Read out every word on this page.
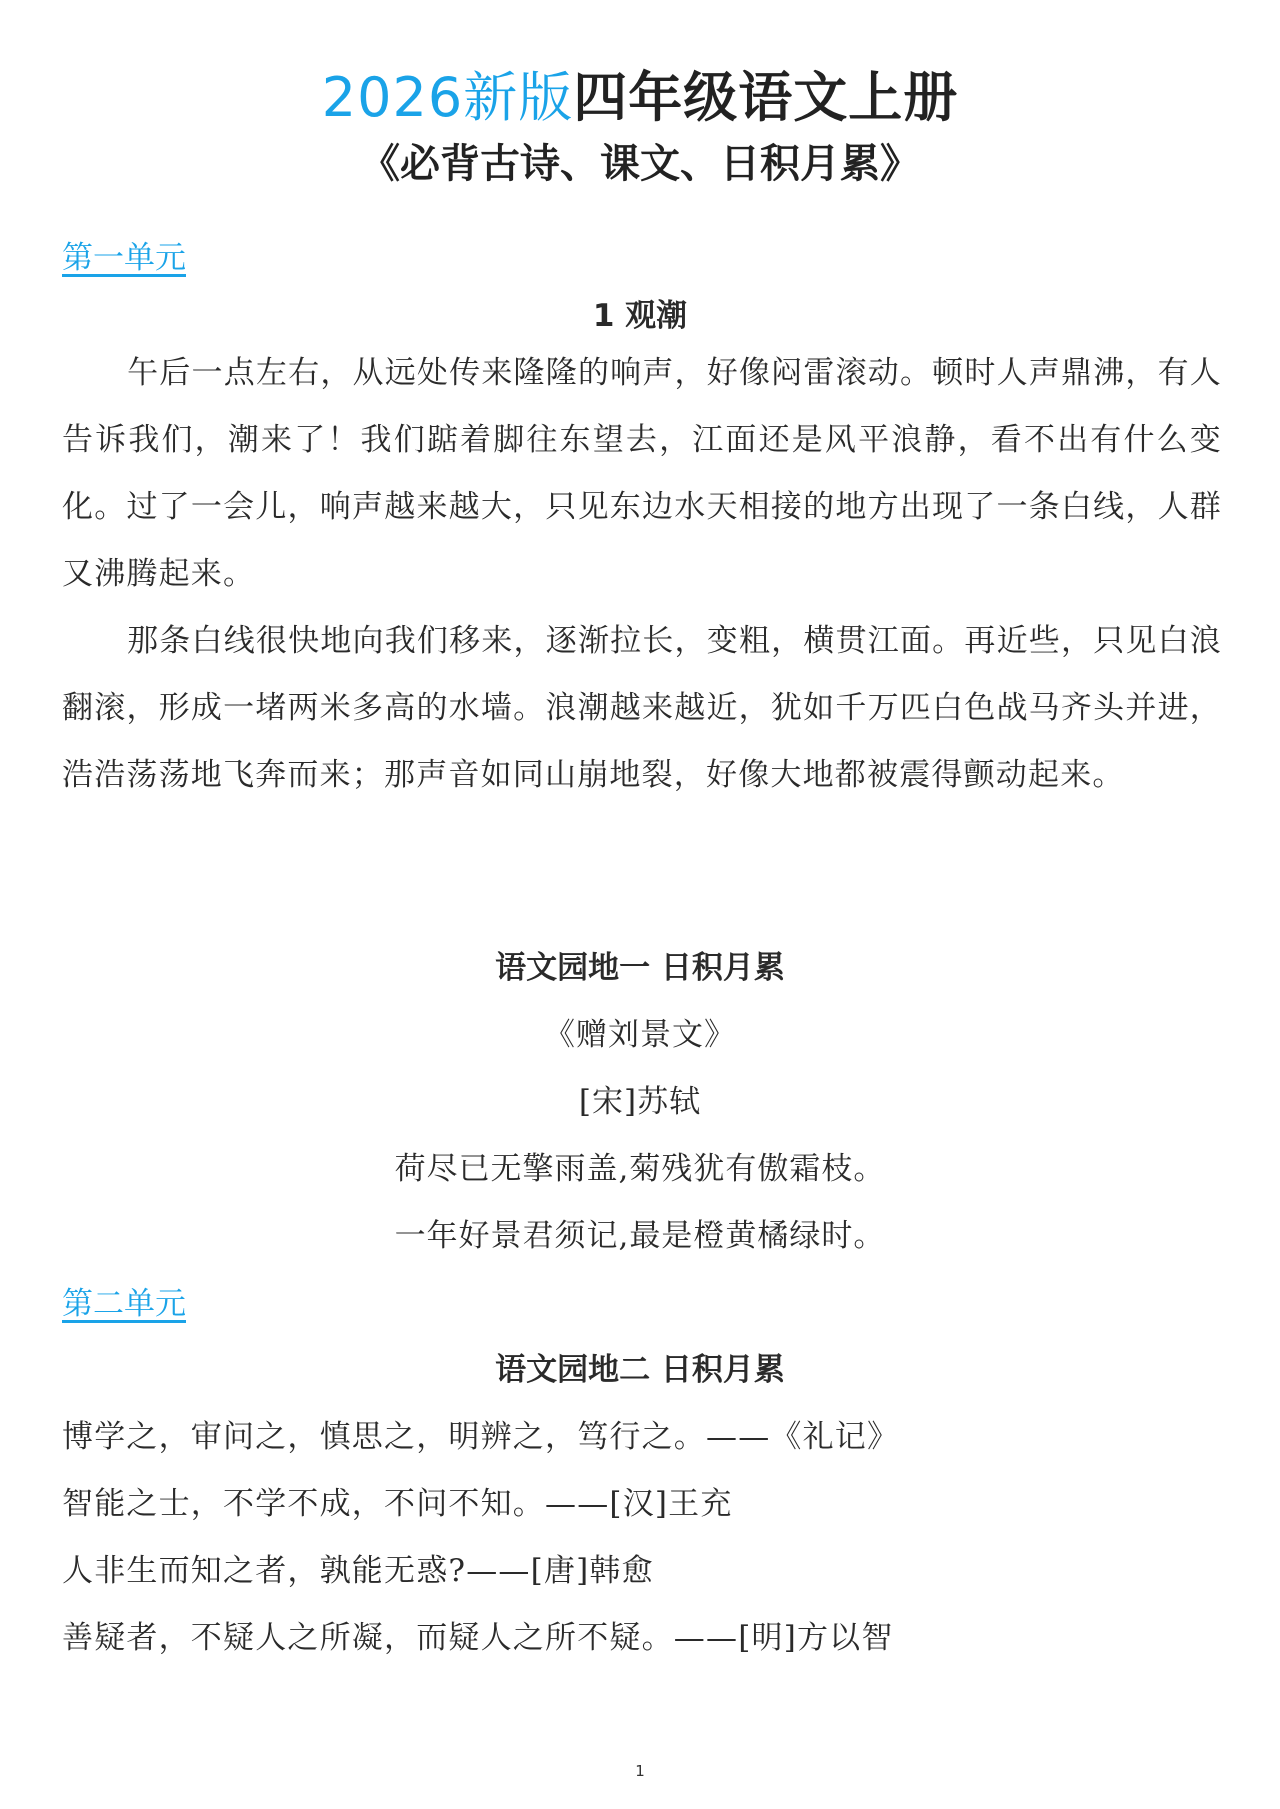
2026新版四年级语文上册
《必背古诗、课文、日积月累》
第一单元
1 观潮

午后一点左右，从远处传来隆隆的响声，好像闷雷滚动。顿时人声鼎沸，有人告诉我们，潮来了！我们踮着脚往东望去，江面还是风平浪静，看不出有什么变化。过了一会儿，响声越来越大，只见东边水天相接的地方出现了一条白线，人群又沸腾起来。

那条白线很快地向我们移来，逐渐拉长，变粗，横贯江面。再近些，只见白浪翻滚，形成一堵两米多高的水墙。浪潮越来越近，犹如千万匹白色战马齐头并进，浩浩荡荡地飞奔而来；那声音如同山崩地裂，好像大地都被震得颤动起来。

语文园地一 日积月累
《赠刘景文》
[宋]苏轼
荷尽已无擎雨盖,菊残犹有傲霜枝。
一年好景君须记,最是橙黄橘绿时。
第二单元
语文园地二 日积月累
博学之，审问之，慎思之，明辨之，笃行之。——《礼记》
智能之士，不学不成，不问不知。——[汉]王充
人非生而知之者，孰能无惑?——[唐]韩愈
善疑者，不疑人之所凝，而疑人之所不疑。——[明]方以智
1
